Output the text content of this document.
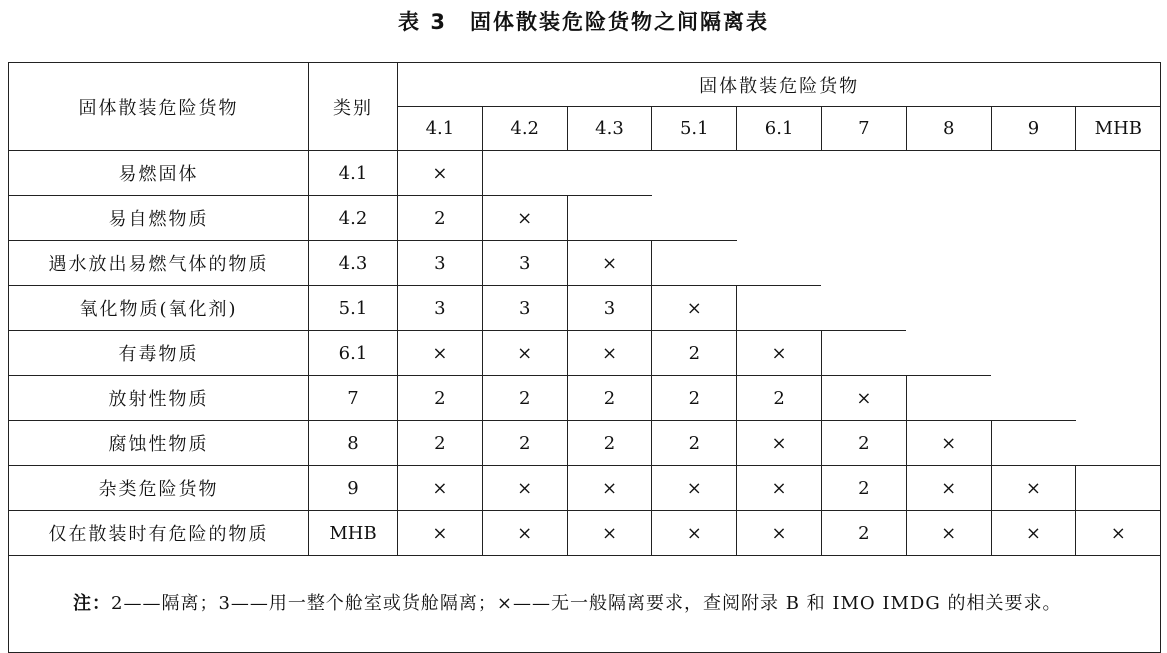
表 3　固体散装危险货物之间隔离表
固体散装危险货物	类别	固体散装危险货物								
		4.1	4.2	4.3	5.1	6.1	7	8	9	MHB
易燃固体	4.1	×								
易自燃物质	4.2	2	×							
遇水放出易燃气体的物质	4.3	3	3	×						
氧化物质(氧化剂)	5.1	3	3	3	×					
有毒物质	6.1	×	×	×	2	×				
放射性物质	7	2	2	2	2	2	×			
腐蚀性物质	8	2	2	2	2	×	2	×		
杂类危险货物	9	×	×	×	×	×	2	×	×	
仅在散装时有危险的物质	MHB	×	×	×	×	×	2	×	×	×
注：2——隔离；3——用一整个舱室或货舱隔离；×——无一般隔离要求，查阅附录 B 和 IMO IMDG 的相关要求。										
